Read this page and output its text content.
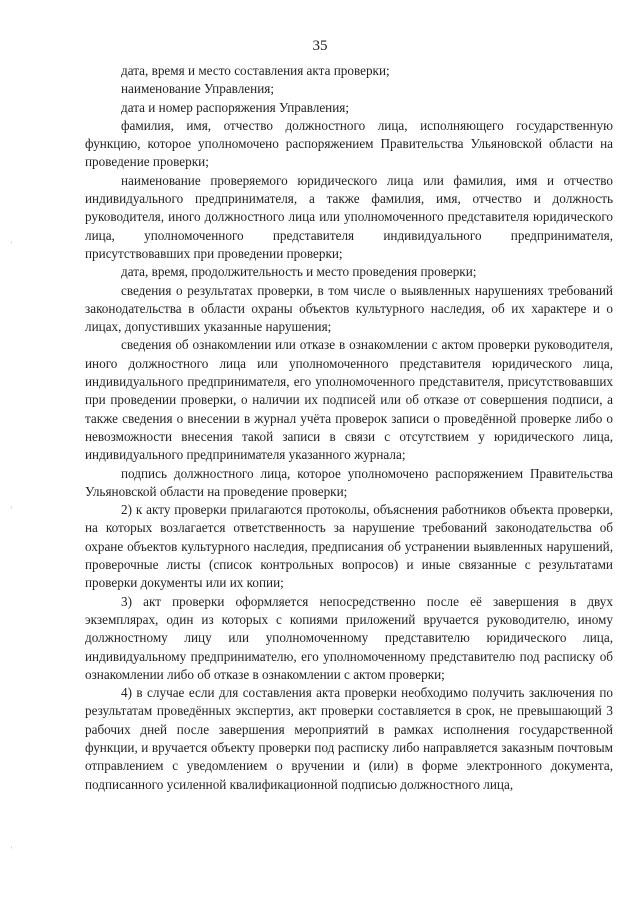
35

дата, время и место составления акта проверки;

наименование Управления;

дата и номер распоряжения Управления;

фамилия, имя, отчество должностного лица, исполняющего государственную функцию, которое уполномочено распоряжением Правительства Ульяновской области на проведение проверки;

наименование проверяемого юридического лица или фамилия, имя и отчество индивидуального предпринимателя, а также фамилия, имя, отчество и должность руководителя, иного должностного лица или уполномоченного представителя юридического лица, уполномоченного представителя индивидуального предпринимателя, присутствовавших при проведении проверки;

дата, время, продолжительность и место проведения проверки;

сведения о результатах проверки, в том числе о выявленных нарушениях требований законодательства в области охраны объектов культурного наследия, об их характере и о лицах, допустивших указанные нарушения;

сведения об ознакомлении или отказе в ознакомлении с актом проверки руководителя, иного должностного лица или уполномоченного представителя юридического лица, индивидуального предпринимателя, его уполномоченного представителя, присутствовавших при проведении проверки, о наличии их подписей или об отказе от совершения подписи, а также сведения о внесении в журнал учёта проверок записи о проведённой проверке либо о невозможности внесения такой записи в связи с отсутствием у юридического лица, индивидуального предпринимателя указанного журнала;

подпись должностного лица, которое уполномочено распоряжением Правительства Ульяновской области на проведение проверки;

2) к акту проверки прилагаются протоколы, объяснения работников объекта проверки, на которых возлагается ответственность за нарушение требований законодательства об охране объектов культурного наследия, предписания об устранении выявленных нарушений, проверочные листы (список контрольных вопросов) и иные связанные с результатами проверки документы или их копии;

3) акт проверки оформляется непосредственно после её завершения в двух экземплярах, один из которых с копиями приложений вручается руководителю, иному должностному лицу или уполномоченному представителю юридического лица, индивидуальному предпринимателю, его уполномоченному представителю под расписку об ознакомлении либо об отказе в ознакомлении с актом проверки;

4) в случае если для составления акта проверки необходимо получить заключения по результатам проведённых экспертиз, акт проверки составляется в срок, не превышающий 3 рабочих дней после завершения мероприятий в рамках исполнения государственной функции, и вручается объекту проверки под расписку либо направляется заказным почтовым отправлением с уведомлением о вручении и (или) в форме электронного документа, подписанного усиленной квалификационной подписью должностного лица,

ʼ
ʼ
ʼ
